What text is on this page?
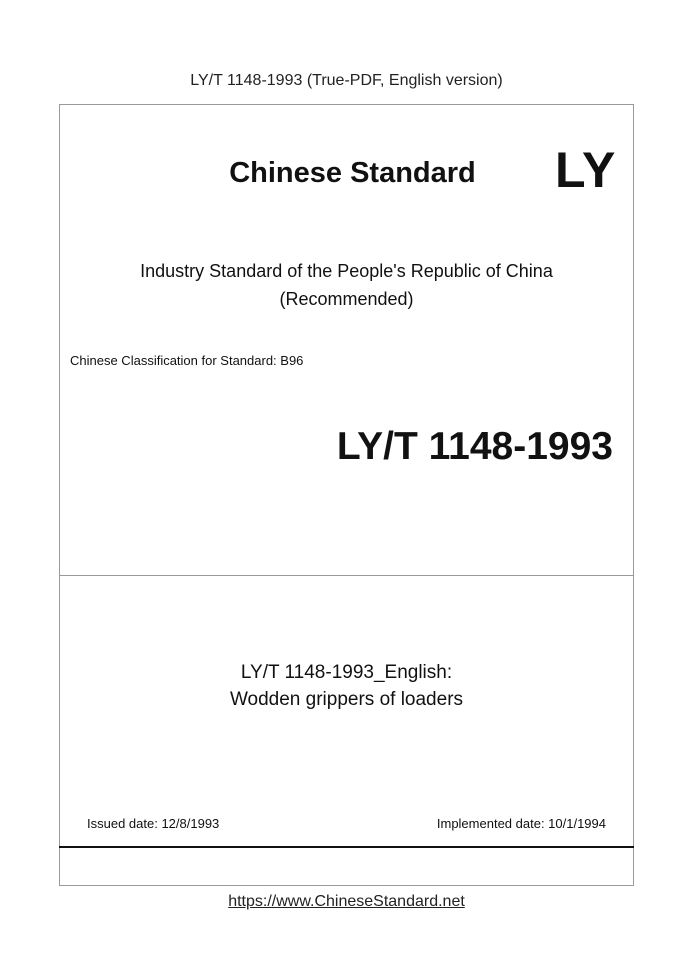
LY/T 1148-1993 (True-PDF, English version)
Chinese Standard LY
Industry Standard of the People's Republic of China
(Recommended)
Chinese Classification for Standard: B96
LY/T 1148-1993
LY/T 1148-1993_English:
Wodden grippers of loaders
Issued date: 12/8/1993	Implemented date: 10/1/1994
https://www.ChineseStandard.net
